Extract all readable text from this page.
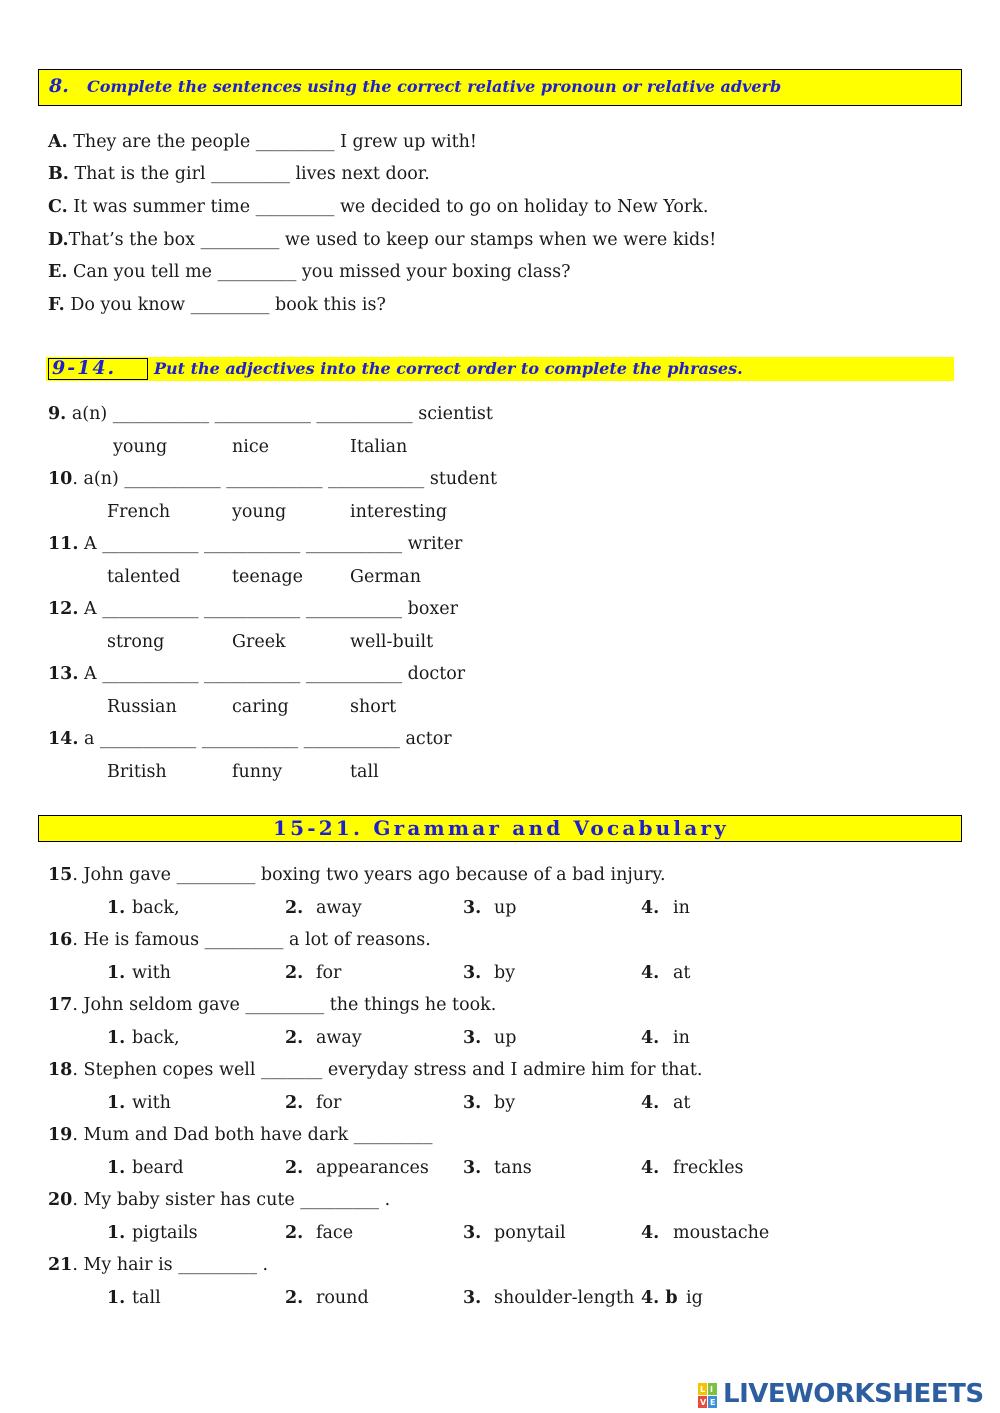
8. Complete the sentences using the correct relative pronoun or relative adverb
A. They are the people _________ I grew up with!
B. That is the girl _________ lives next door.
C. It was summer time _________ we decided to go on holiday to New York.
D.That’s the box _________ we used to keep our stamps when we were kids!
E. Can you tell me _________ you missed your boxing class?
F. Do you know _________ book this is?
9-14.	Put the adjectives into the correct order to complete the phrases.
9. a(n) ___________ ___________ ___________ scientist
young	nice	Italian
10. a(n) ___________ ___________ ___________ student
French	young	interesting
11. A ___________ ___________ ___________ writer
talented	teenage	German
12. A ___________ ___________ ___________ boxer
strong	Greek	well-built
13. A ___________ ___________ ___________ doctor
Russian	caring	short
14. a ___________ ___________ ___________ actor
British	funny	tall
15-21. Grammar and Vocabulary
15. John gave _________ boxing two years ago because of a bad injury.
1. back,	2. away	3. up	4. in
16. He is famous _________ a lot of reasons.
1. with	2. for	3. by	4. at
17. John seldom gave _________ the things he took.
1. back,	2. away	3. up	4. in
18. Stephen copes well _______ everyday stress and I admire him for that.
1. with	2. for	3. by	4. at
19. Mum and Dad both have dark _________
1. beard	2. appearances 3. tans	4. freckles
20. My baby sister has cute _________ .
1. pigtails	2. face	3. ponytail	4. moustache
21. My hair is _________ .
1. tall	2. round	3. shoulder-length 4. b ig
L I
V E LIVEWORKSHEETS
